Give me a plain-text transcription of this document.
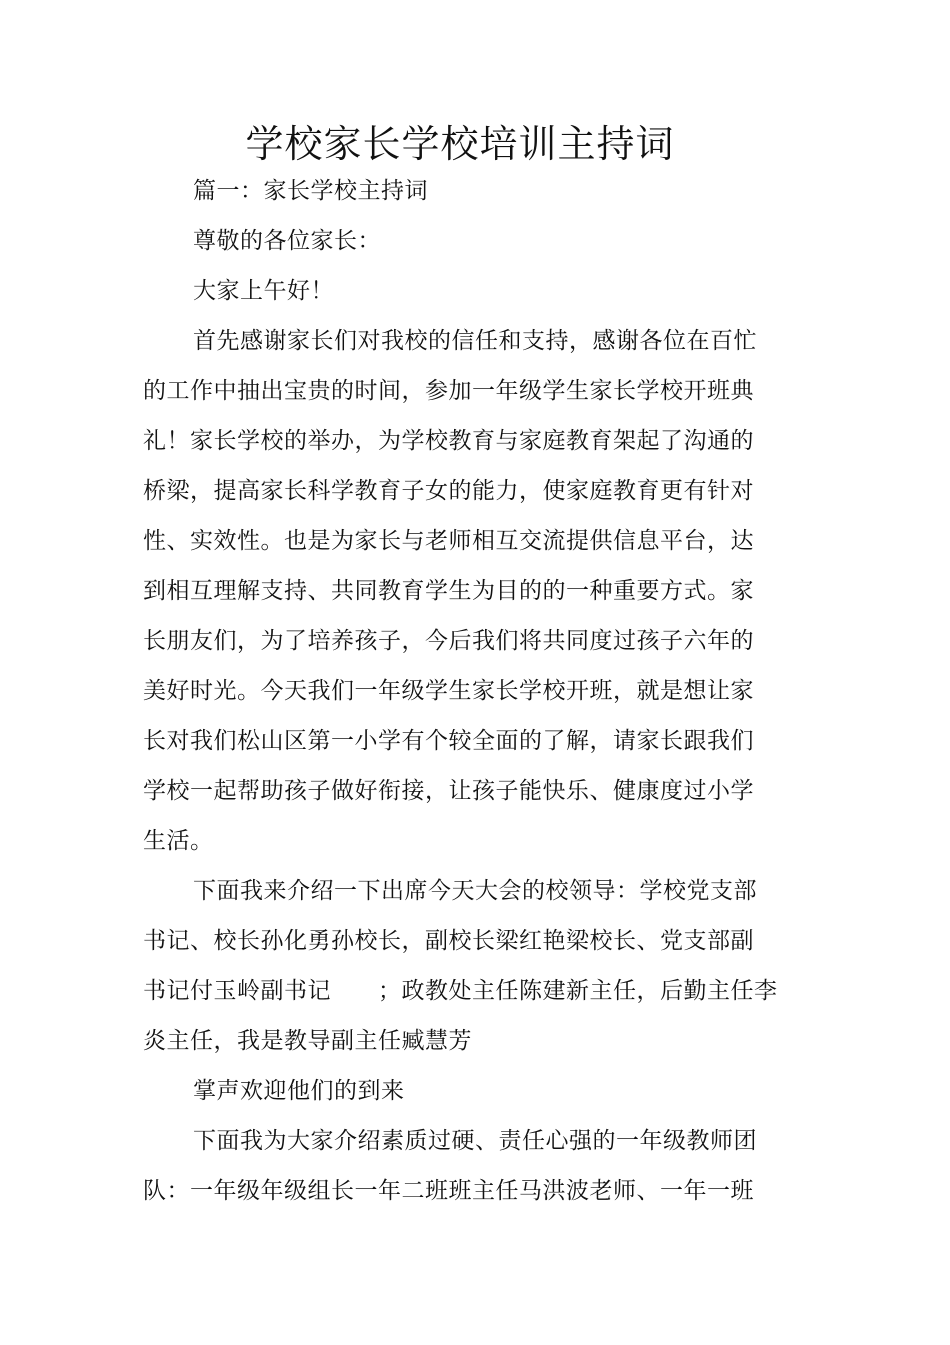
学校家长学校培训主持词
篇一：家长学校主持词
尊敬的各位家长：
大家上午好！
首先感谢家长们对我校的信任和支持，感谢各位在百忙
的工作中抽出宝贵的时间，参加一年级学生家长学校开班典
礼！家长学校的举办，为学校教育与家庭教育架起了沟通的
桥梁，提高家长科学教育子女的能力，使家庭教育更有针对
性、实效性。也是为家长与老师相互交流提供信息平台，达
到相互理解支持、共同教育学生为目的的一种重要方式。家
长朋友们，为了培养孩子，今后我们将共同度过孩子六年的
美好时光。今天我们一年级学生家长学校开班，就是想让家
长对我们松山区第一小学有个较全面的了解，请家长跟我们
学校一起帮助孩子做好衔接，让孩子能快乐、健康度过小学
生活。
下面我来介绍一下出席今天大会的校领导：学校党支部
书记、校长孙化勇孙校长，副校长梁红艳梁校长、党支部副
书记付玉岭副书记　　；政教处主任陈建新主任，后勤主任李
炎主任，我是教导副主任臧慧芳
掌声欢迎他们的到来
下面我为大家介绍素质过硬、责任心强的一年级教师团
队：一年级年级组长一年二班班主任马洪波老师、一年一班
